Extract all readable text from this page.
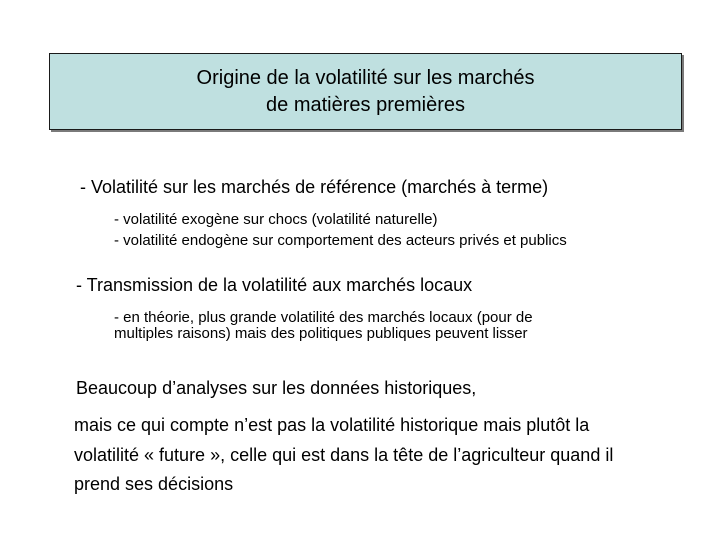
Origine de la volatilité sur les marchés
de matières premières
- Volatilité sur les marchés de référence (marchés à terme)
- volatilité exogène sur chocs (volatilité naturelle)
- volatilité endogène sur comportement des acteurs privés et publics
- Transmission de la volatilité aux marchés locaux
- en théorie, plus grande volatilité des marchés locaux (pour de
multiples raisons) mais des politiques publiques peuvent lisser
Beaucoup d’analyses sur les données historiques,
mais ce qui compte n’est pas la volatilité historique mais plutôt la
volatilité « future », celle qui est dans la tête de l’agriculteur quand il
prend ses décisions
